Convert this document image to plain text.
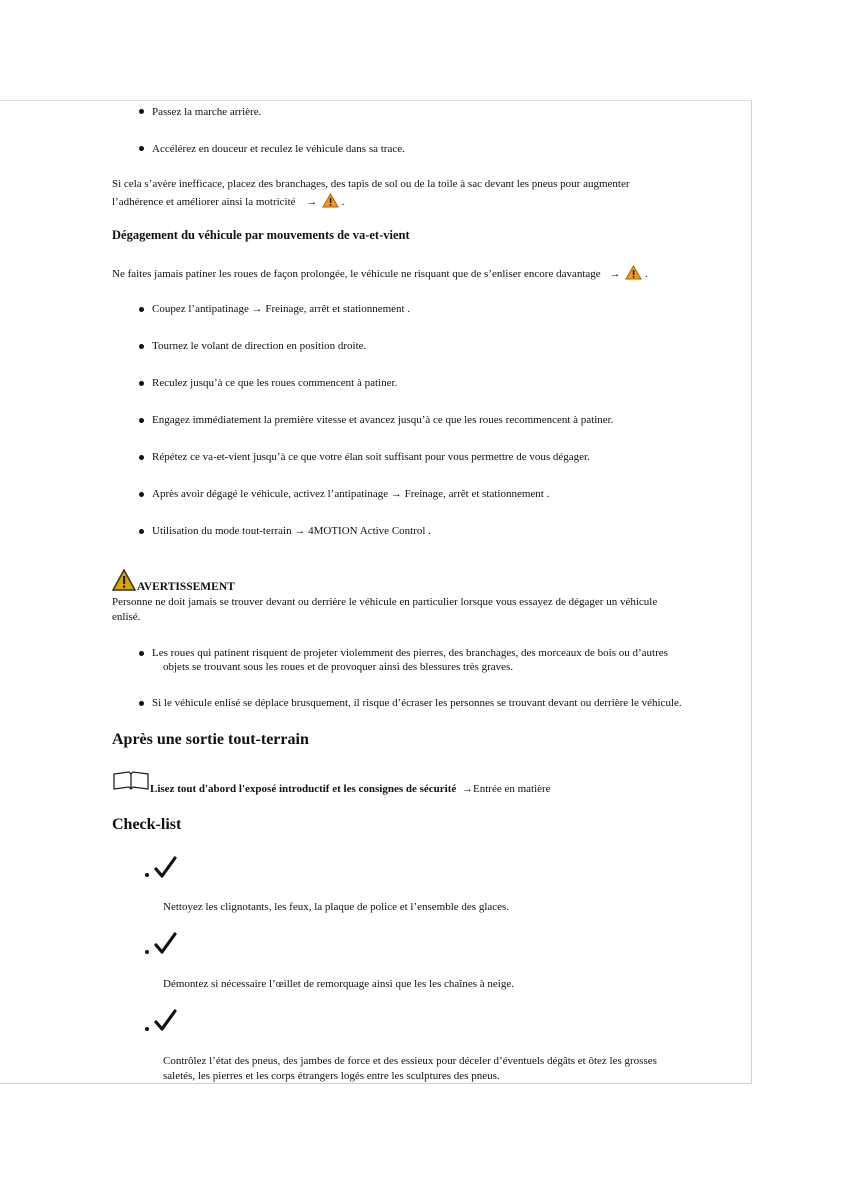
Passez la marche arrière.
Accélérez en douceur et reculez le véhicule dans sa trace.
Si cela s’avère inefficace, placez des branchages, des tapis de sol ou de la toile à sac devant les pneus pour augmenter
l’adhérence et améliorer ainsi la motricité → .
Dégagement du véhicule par mouvements de va-et-vient
Ne faites jamais patiner les roues de façon prolongée, le véhicule ne risquant que de s’enliser encore davantage → .
Coupez l’antipatinage → Freinage, arrêt et stationnement .
Tournez le volant de direction en position droite.
Reculez jusqu’à ce que les roues commencent à patiner.
Engagez immédiatement la première vitesse et avancez jusqu’à ce que les roues recommencent à patiner.
Répétez ce va-et-vient jusqu’à ce que votre élan soit suffisant pour vous permettre de vous dégager.
Après avoir dégagé le véhicule, activez l’antipatinage → Freinage, arrêt et stationnement .
Utilisation du mode tout-terrain → 4MOTION Active Control .
AVERTISSEMENT
Personne ne doit jamais se trouver devant ou derrière le véhicule en particulier lorsque vous essayez de dégager un véhicule
enlisé.
Les roues qui patinent risquent de projeter violemment des pierres, des branchages, des morceaux de bois ou d’autres
objets se trouvant sous les roues et de provoquer ainsi des blessures très graves.
Si le véhicule enlisé se déplace brusquement, il risque d’écraser les personnes se trouvant devant ou derrière le véhicule.
Après une sortie tout-terrain
Lisez tout d'abord l'exposé introductif et les consignes de sécurité →Entrée en matière
Check-list
Nettoyez les clignotants, les feux, la plaque de police et l’ensemble des glaces.
Démontez si nécessaire l’œillet de remorquage ainsi que les les chaînes à neige.
Contrôlez l’état des pneus, des jambes de force et des essieux pour déceler d’éventuels dégâts et ôtez les grosses
saletés, les pierres et les corps étrangers logés entre les sculptures des pneus.
